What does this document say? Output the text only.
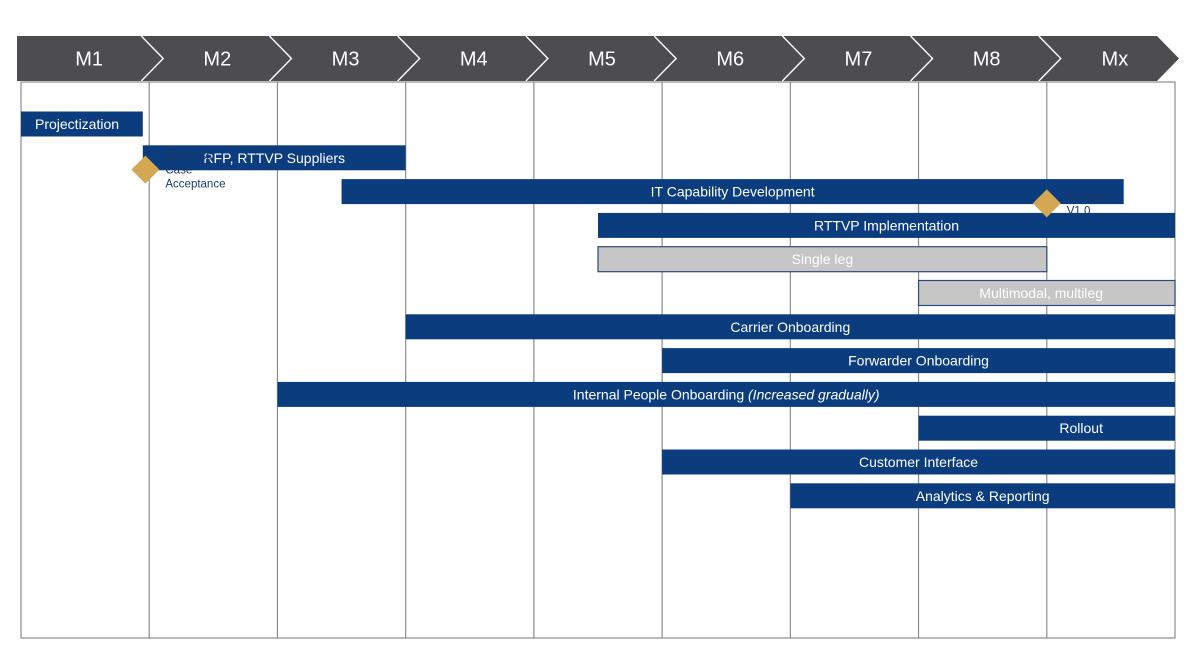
M1	M2	M3	M4	M5	M6	M7	M8	Mx
Projectization
RFP, RTTVP Suppliers
IT Capability Development
RTTVP Implementation
Single leg
Multimodal, multileg
Carrier Onboarding
Forwarder Onboarding
Internal People Onboarding (Increased gradually)
Rollout
Customer Interface
Analytics & Reporting
Business Case Acceptance
Release V1.0
